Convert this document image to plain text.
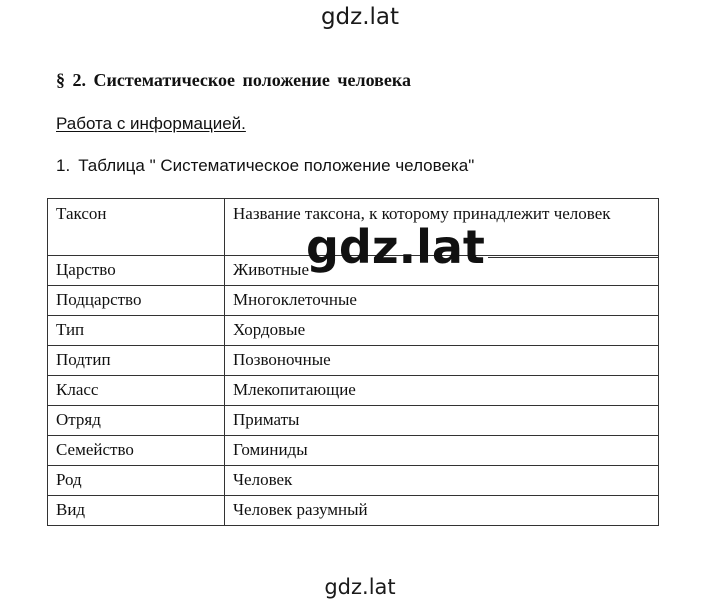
gdz.lat
§ 2. Систематическое положение человека
Работа с информацией.
1. Таблица " Систематическое положение человека"
Таксон	Название таксона, к которому принадлежит человек
Царство	Животные
Подцарство	Многоклеточные
Тип	Хордовые
Подтип	Позвоночные
Класс	Млекопитающие
Отряд	Приматы
Семейство	Гоминиды
Род	Человек
Вид	Человек разумный
gdz.lat
gdz.lat
